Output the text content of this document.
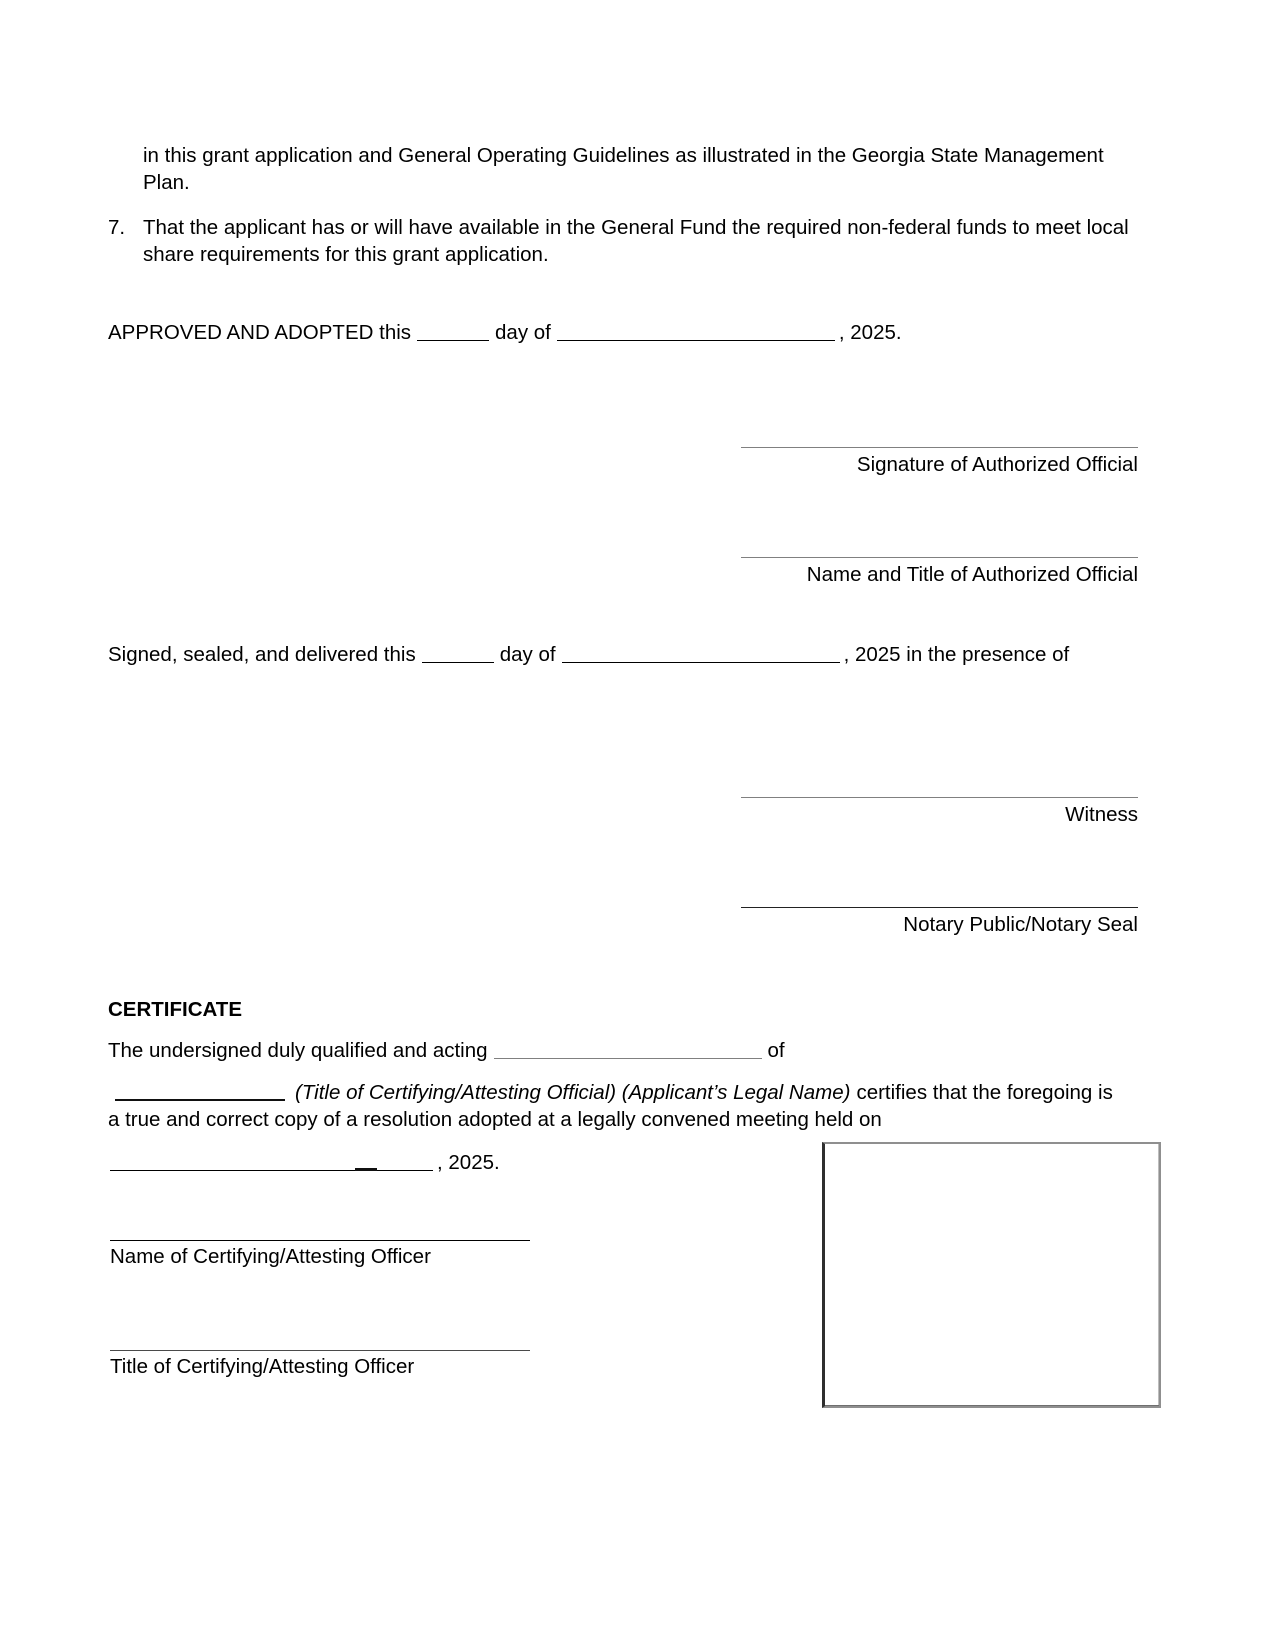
in this grant application and General Operating Guidelines as illustrated in the Georgia State Management
Plan.
7. That the applicant has or will have available in the General Fund the required non-federal funds to meet local
share requirements for this grant application.
APPROVED AND ADOPTED this	day of	, 2025.
Signature of Authorized Official
Name and Title of Authorized Official
Signed, sealed, and delivered this	day of	, 2025 in the presence of
Witness
Notary Public/Notary Seal
CERTIFICATE
The undersigned duly qualified and acting	of
(Title of Certifying/Attesting Official) (Applicant’s Legal Name) certifies that the foregoing is
a true and correct copy of a resolution adopted at a legally convened meeting held on
, 2025.
Name of Certifying/Attesting Officer
Title of Certifying/Attesting Officer
